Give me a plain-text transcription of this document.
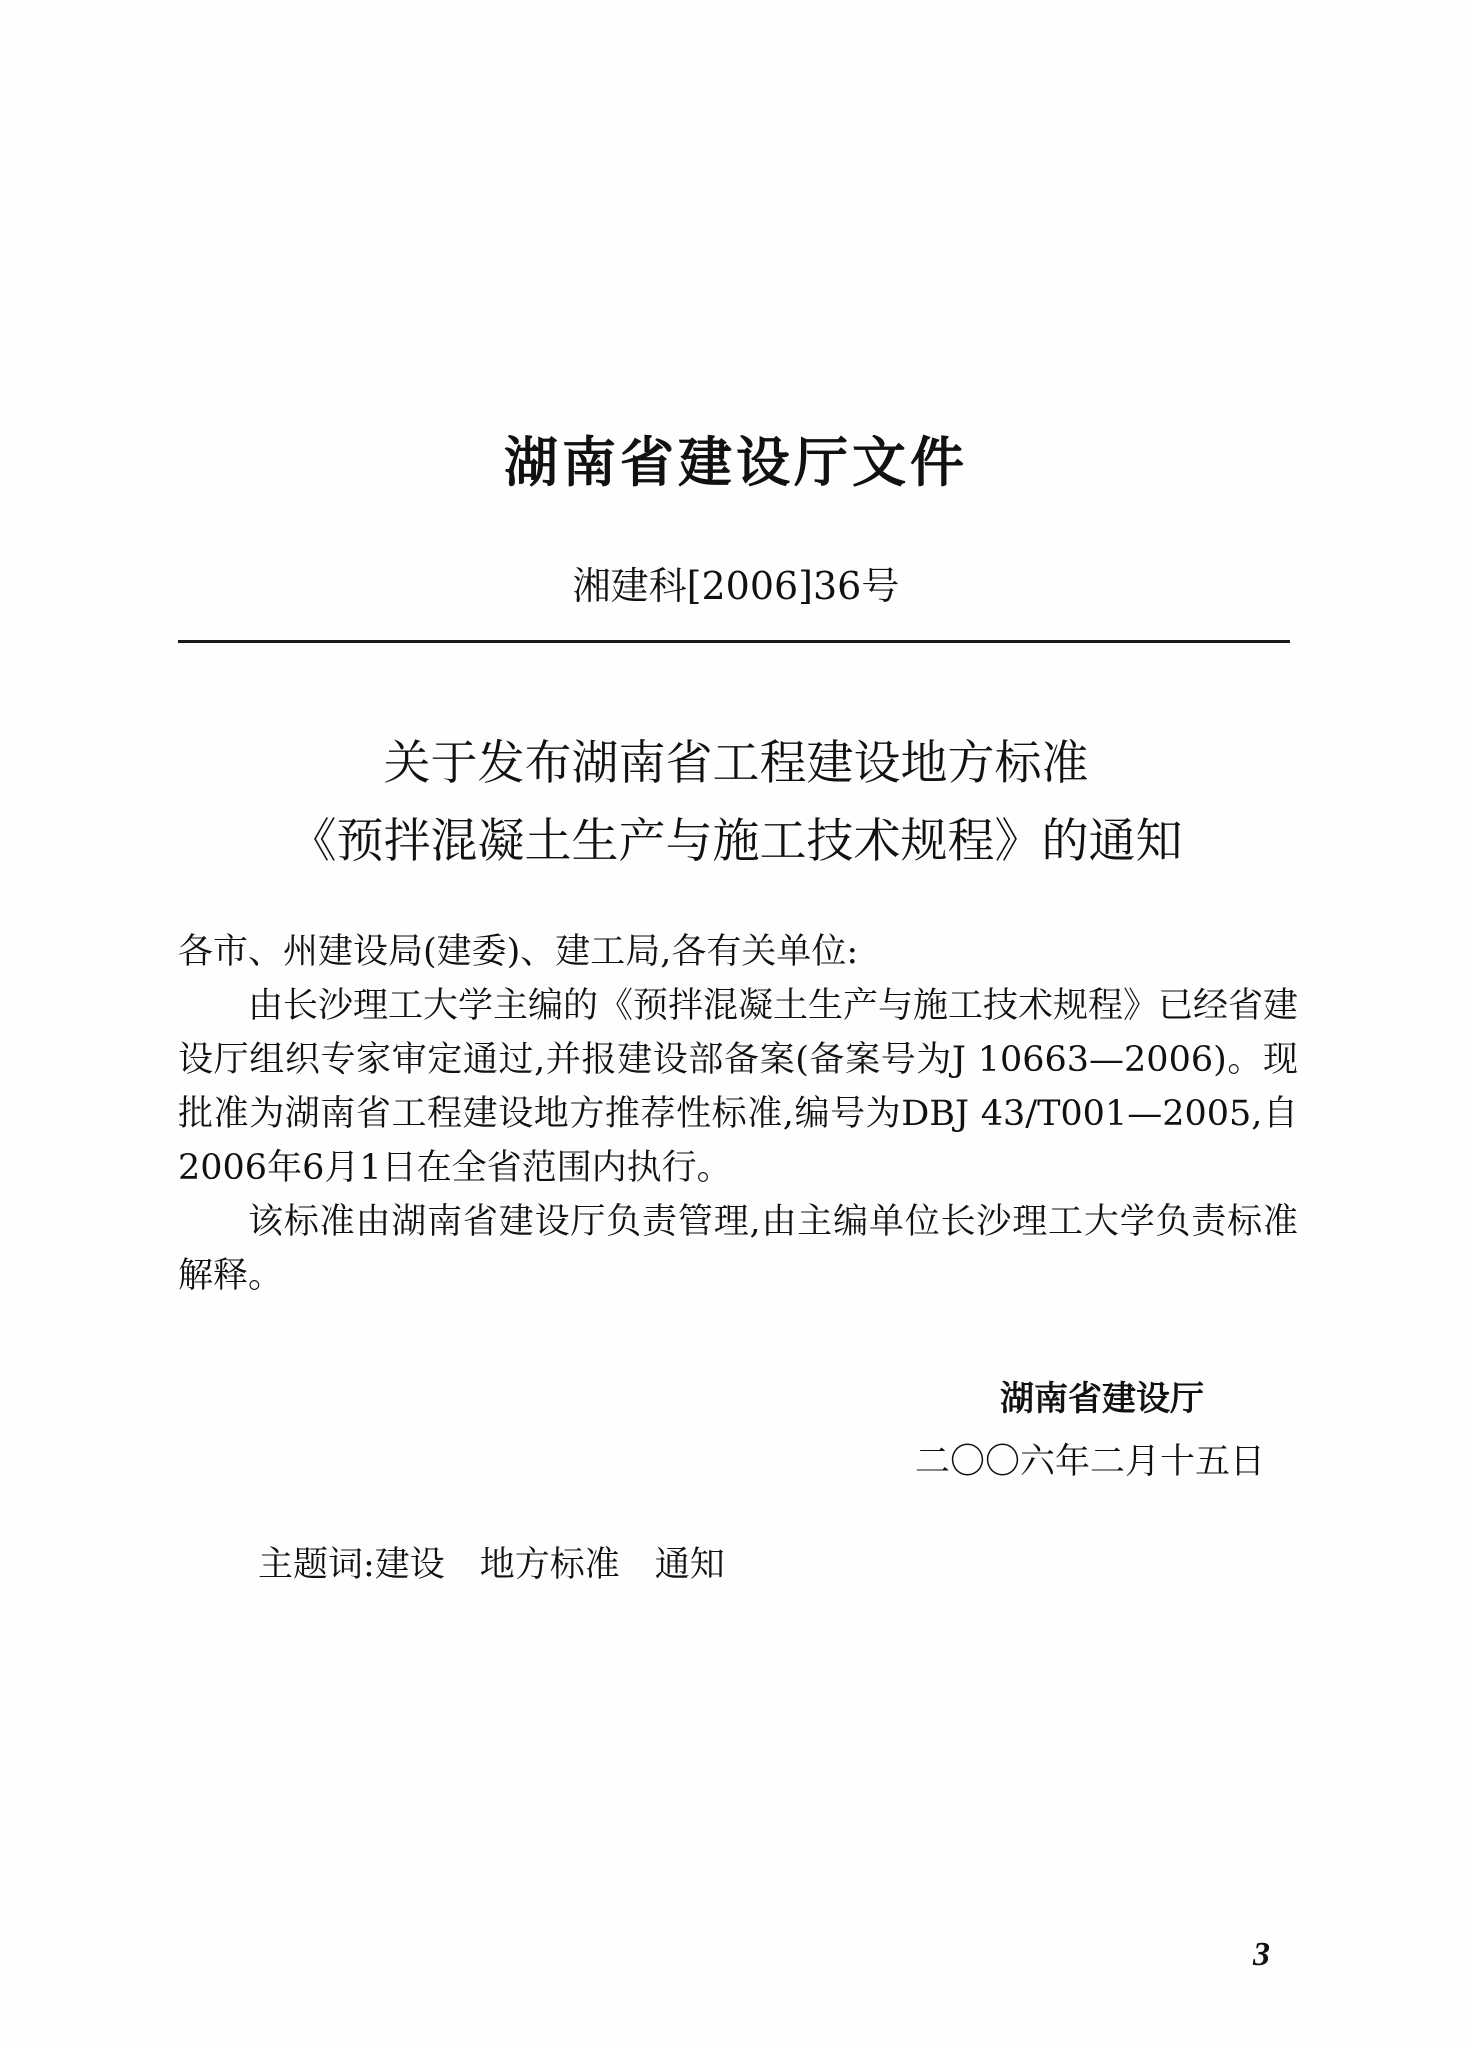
湖南省建设厅文件
湘建科[2006]36号
关于发布湖南省工程建设地方标准
《预拌混凝土生产与施工技术规程》的通知
各市、州建设局(建委)、建工局,各有关单位:

由长沙理工大学主编的《预拌混凝土生产与施工技术规程》已经省建设厅组织专家审定通过,并报建设部备案(备案号为J 10663—2006)。现批准为湖南省工程建设地方推荐性标准,编号为DBJ 43/T001—2005,自2006年6月1日在全省范围内执行。

该标准由湖南省建设厅负责管理,由主编单位长沙理工大学负责标准解释。

湖南省建设厅
二〇〇六年二月十五日
主题词:建设　地方标准　通知
3
